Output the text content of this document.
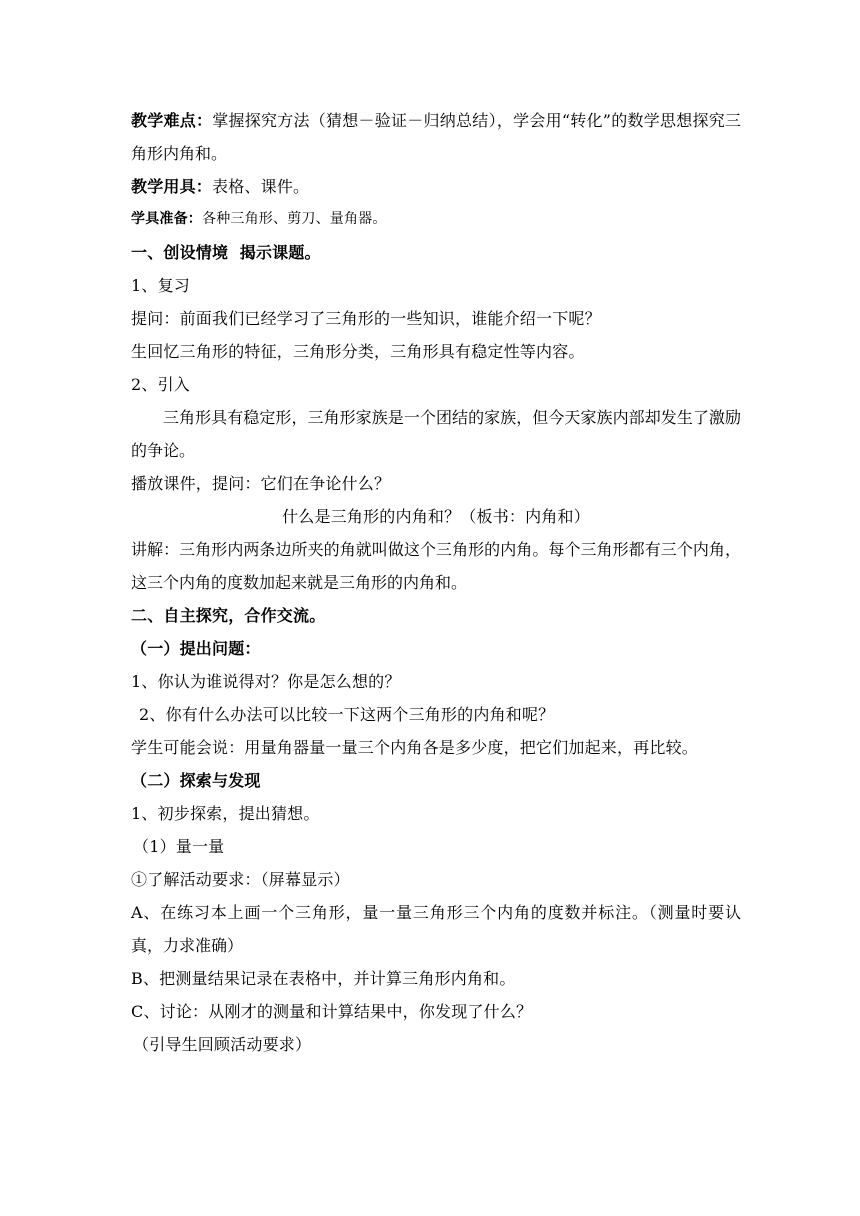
教学难点：掌握探究方法（猜想－验证－归纳总结），学会用“转化”的数学思想探究三角形内角和。
教学用具：表格、课件。
学具准备：各种三角形、剪刀、量角器。
一、创设情境  揭示课题。
1、复习
提问：前面我们已经学习了三角形的一些知识，谁能介绍一下呢？
生回忆三角形的特征，三角形分类，三角形具有稳定性等内容。
2、引入
三角形具有稳定形，三角形家族是一个团结的家族，但今天家族内部却发生了激励的争论。
播放课件，提问：它们在争论什么？
什么是三角形的内角和？（板书：内角和）
讲解：三角形内两条边所夹的角就叫做这个三角形的内角。每个三角形都有三个内角，这三个内角的度数加起来就是三角形的内角和。
二、自主探究，合作交流。
（一）提出问题：
1、你认为谁说得对？你是怎么想的？
2、你有什么办法可以比较一下这两个三角形的内角和呢？
学生可能会说：用量角器量一量三个内角各是多少度，把它们加起来，再比较。
（二）探索与发现
1、初步探索，提出猜想。
（1）量一量
①了解活动要求：（屏幕显示）
A、在练习本上画一个三角形，量一量三角形三个内角的度数并标注。（测量时要认真，力求准确）
B、把测量结果记录在表格中，并计算三角形内角和。
C、讨论：从刚才的测量和计算结果中，你发现了什么？
（引导生回顾活动要求）
